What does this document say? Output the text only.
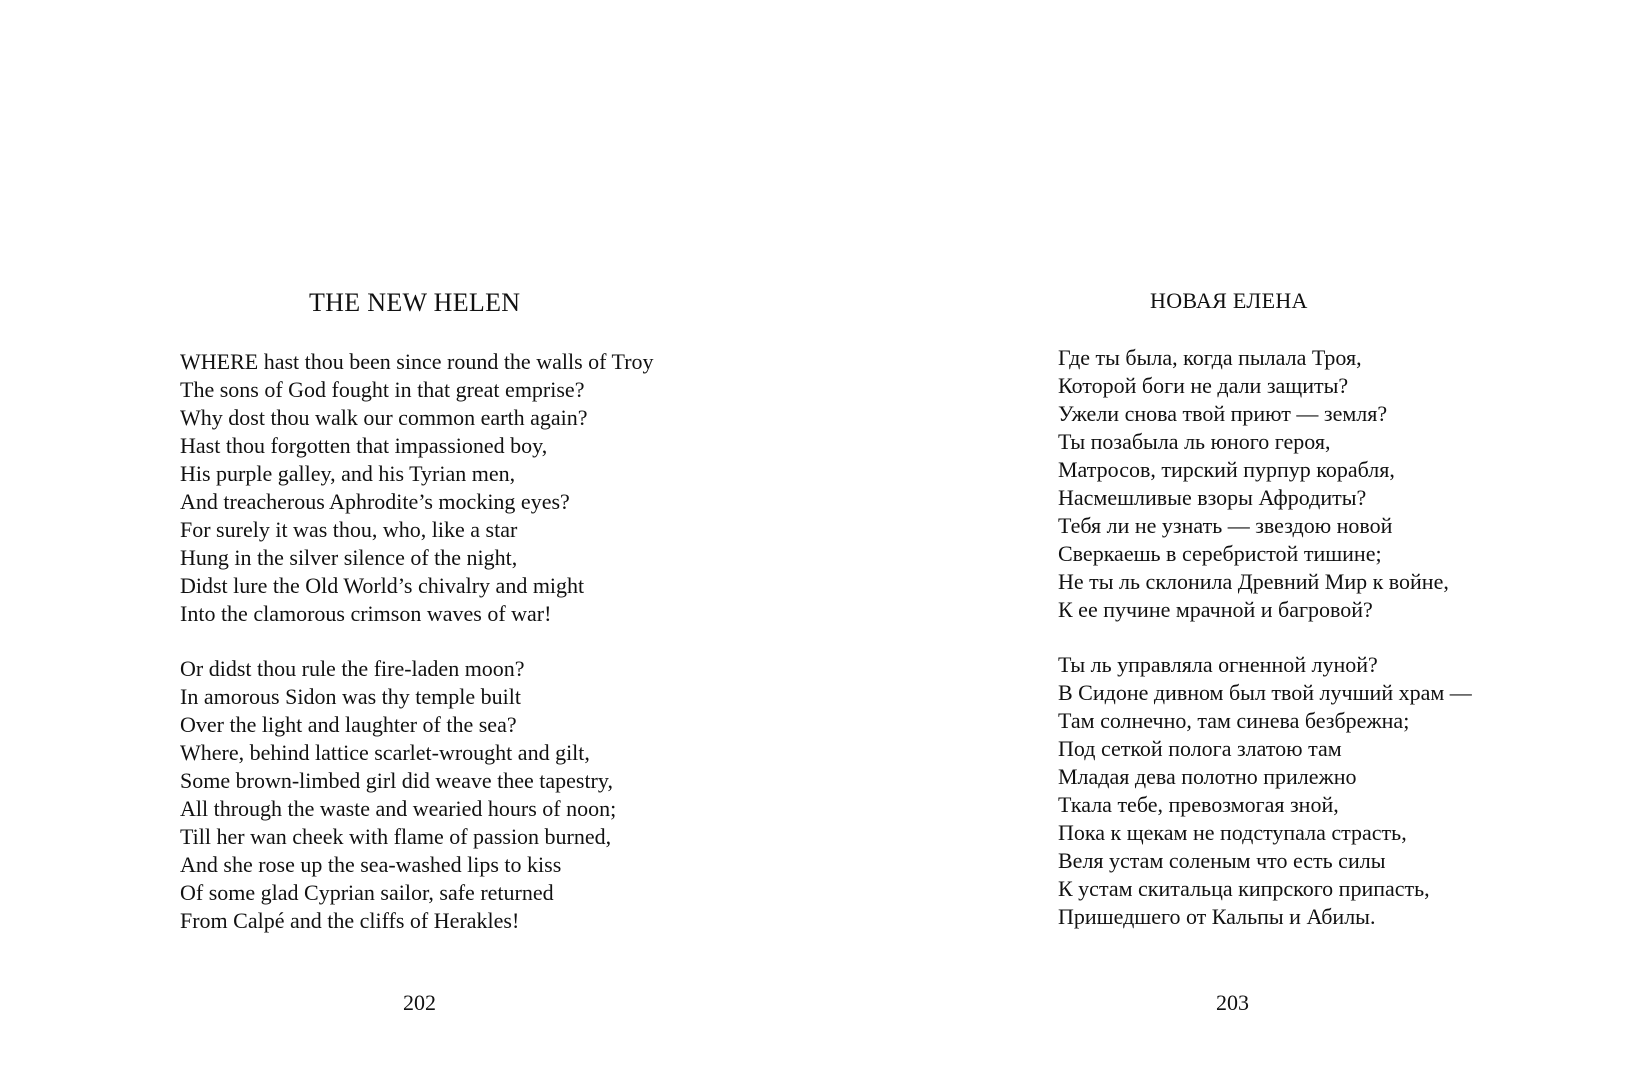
THE NEW HELEN
WHERE hast thou been since round the walls of Troy
The sons of God fought in that great emprise?
Why dost thou walk our common earth again?
Hast thou forgotten that impassioned boy,
His purple galley, and his Tyrian men,
And treacherous Aphrodite’s mocking eyes?
For surely it was thou, who, like a star
Hung in the silver silence of the night,
Didst lure the Old World’s chivalry and might
Into the clamorous crimson waves of war!
Or didst thou rule the fire-laden moon?
In amorous Sidon was thy temple built
Over the light and laughter of the sea?
Where, behind lattice scarlet-wrought and gilt,
Some brown-limbed girl did weave thee tapestry,
All through the waste and wearied hours of noon;
Till her wan cheek with flame of passion burned,
And she rose up the sea-washed lips to kiss
Of some glad Cyprian sailor, safe returned
From Calpé and the cliffs of Herakles!
202
НОВАЯ ЕЛЕНА
Где ты была, когда пылала Троя,
Которой боги не дали защиты?
Ужели снова твой приют — земля?
Ты позабыла ль юного героя,
Матросов, тирский пурпур корабля,
Насмешливые взоры Афродиты?
Тебя ли не узнать — звездою новой
Сверкаешь в серебристой тишине;
Не ты ль склонила Древний Мир к войне,
К ее пучине мрачной и багровой?
Ты ль управляла огненной луной?
В Сидоне дивном был твой лучший храм —
Там солнечно, там синева безбрежна;
Под сеткой полога златою там
Младая дева полотно прилежно
Ткала тебе, превозмогая зной,
Пока к щекам не подступала страсть,
Веля устам соленым что есть силы
К устам скитальца кипрского припасть,
Пришедшего от Кальпы и Абилы.
203
